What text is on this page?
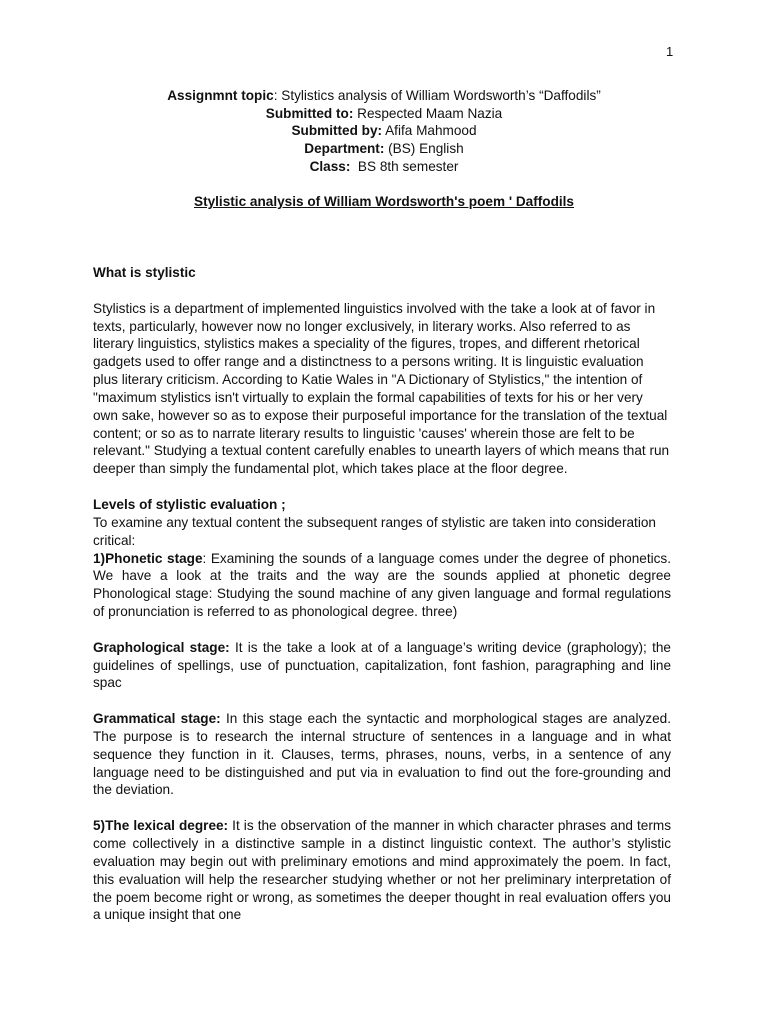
1
Assignmnt topic: Stylistics analysis of William Wordsworth’s “Daffodils”
Submitted to: Respected Maam Nazia
Submitted by: Afifa Mahmood
Department: (BS) English
Class:  BS 8th semester
Stylistic analysis of William Wordsworth's poem ' Daffodils
What is stylistic

Stylistics is a department of implemented linguistics involved with the take a look at of favor in texts, particularly, however now no longer exclusively, in literary works. Also referred to as literary linguistics, stylistics makes a speciality of the figures, tropes, and different rhetorical gadgets used to offer range and a distinctness to a persons writing. It is linguistic evaluation plus literary criticism. According to Katie Wales in "A Dictionary of Stylistics," the intention of "maximum stylistics isn't virtually to explain the formal capabilities of texts for his or her very own sake, however so as to expose their purposeful importance for the translation of the textual content; or so as to narrate literary results to linguistic 'causes' wherein those are felt to be relevant." Studying a textual content carefully enables to unearth layers of which means that run deeper than simply the fundamental plot, which takes place at the floor degree.

Levels of stylistic evaluation ;

To examine any textual content the subsequent ranges of stylistic are taken into consideration critical:

1)Phonetic stage: Examining the sounds of a language comes under the degree of phonetics. We have a look at the traits and the way are the sounds applied at phonetic degree Phonological stage: Studying the sound machine of any given language and formal regulations of pronunciation is referred to as phonological degree. three)

Graphological stage: It is the take a look at of a language’s writing device (graphology); the guidelines of spellings, use of punctuation, capitalization, font fashion, paragraphing and line spac

Grammatical stage: In this stage each the syntactic and morphological stages are analyzed. The purpose is to research the internal structure of sentences in a language and in what sequence they function in it. Clauses, terms, phrases, nouns, verbs, in a sentence of any language need to be distinguished and put via in evaluation to find out the fore-grounding and the deviation.

5)The lexical degree: It is the observation of the manner in which character phrases and terms come collectively in a distinctive sample in a distinct linguistic context. The author’s stylistic evaluation may begin out with preliminary emotions and mind approximately the poem. In fact, this evaluation will help the researcher studying whether or not her preliminary interpretation of the poem become right or wrong, as sometimes the deeper thought in real evaluation offers you a unique insight that one
